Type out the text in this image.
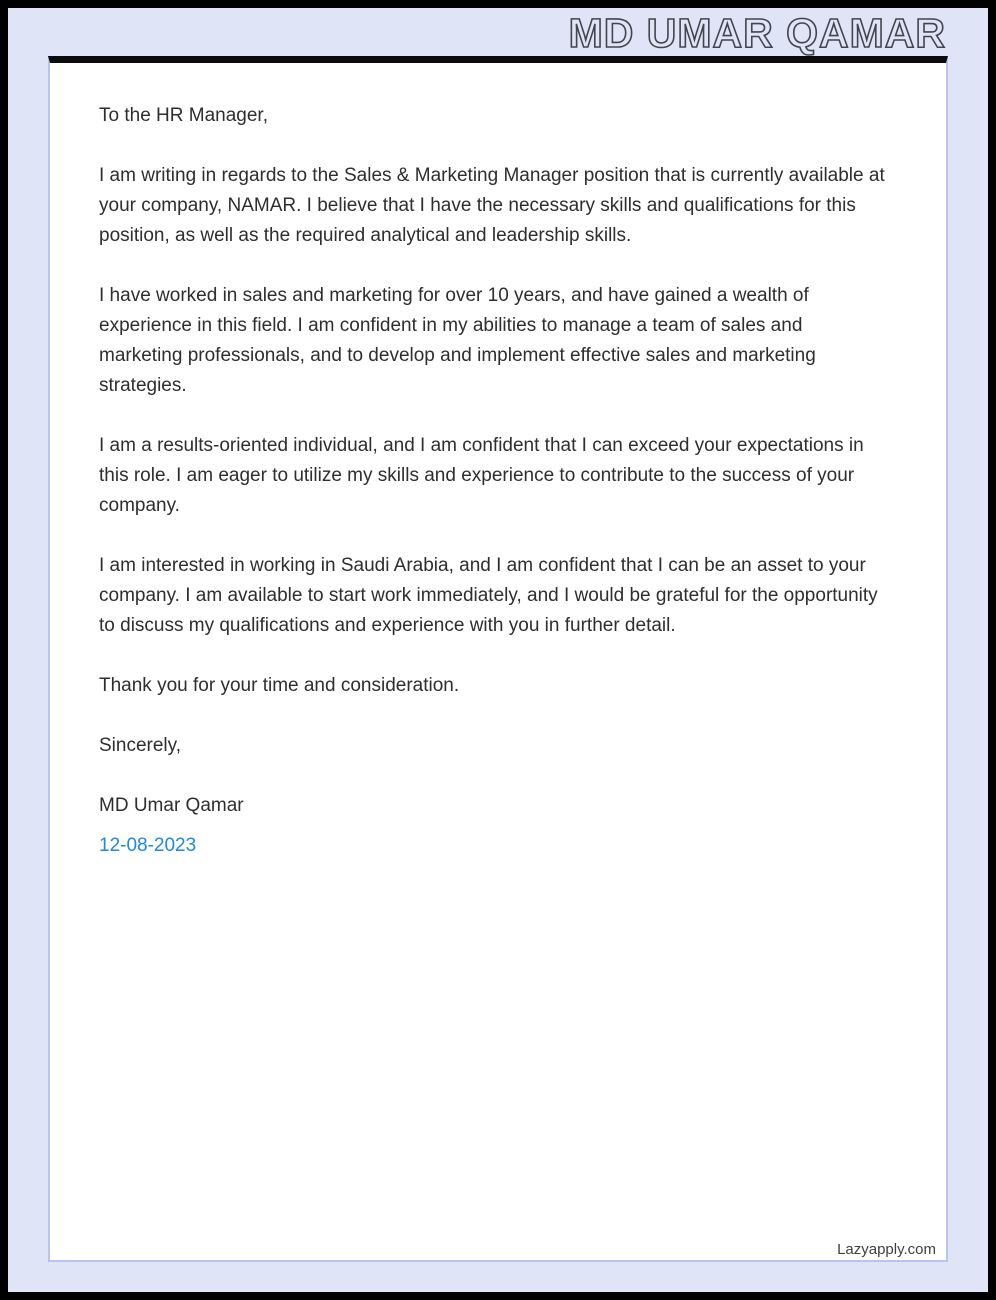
MD UMAR QAMAR

To the HR Manager,

I am writing in regards to the Sales & Marketing Manager position that is currently available at your company, NAMAR. I believe that I have the necessary skills and qualifications for this position, as well as the required analytical and leadership skills.

I have worked in sales and marketing for over 10 years, and have gained a wealth of experience in this field. I am confident in my abilities to manage a team of sales and marketing professionals, and to develop and implement effective sales and marketing strategies.

I am a results-oriented individual, and I am confident that I can exceed your expectations in this role. I am eager to utilize my skills and experience to contribute to the success of your company.

I am interested in working in Saudi Arabia, and I am confident that I can be an asset to your company. I am available to start work immediately, and I would be grateful for the opportunity to discuss my qualifications and experience with you in further detail.

Thank you for your time and consideration.

Sincerely,

MD Umar Qamar

12-08-2023

Lazyapply.com
